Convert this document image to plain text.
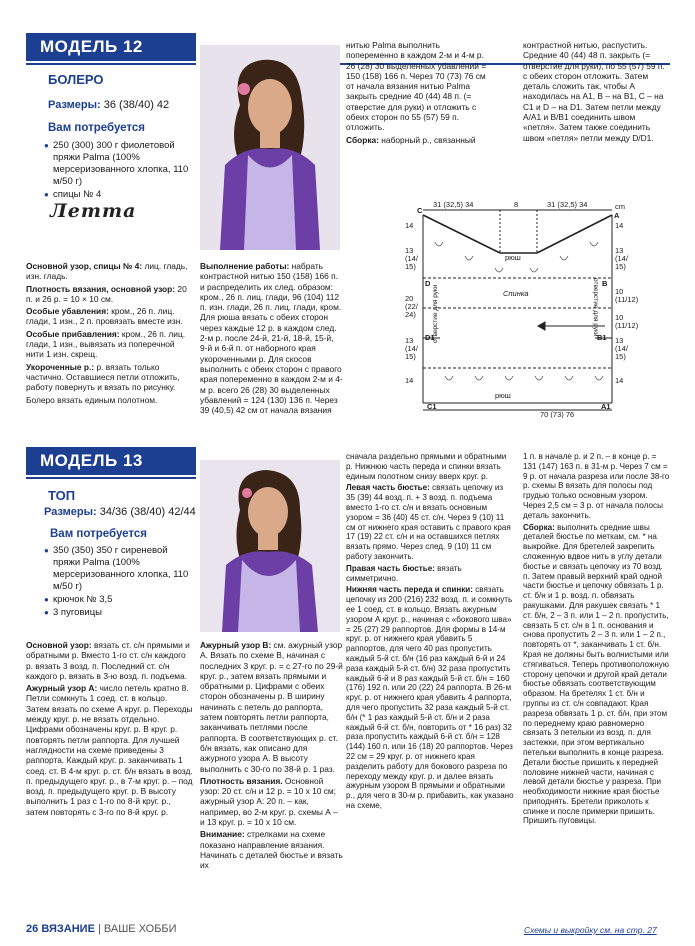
МОДЕЛЬ 12
БОЛЕРО
Размеры: 36 (38/40) 42
Вам потребуется
● 250 (300) 300 г фиолетовой пряжи Palma (100% мерсеризованного хлопка, 110 м/50 г)
● спицы № 4
Летта

Основной узор, спицы № 4: лиц. гладь, изн. гладь.

Плотность вязания, основной узор: 20 п. и 26 р. = 10 × 10 см.

Особые убавления: кром., 26 п. лиц. глади, 1 изн., 2 п. провязать вместе изн.

Особые прибавления: кром., 26 п. лиц. глади, 1 изн., вывязать из поперечной нити 1 изн. скрещ.

Укороченные р.: р. вязать только частично. Оставшиеся петли отложить, работу повернуть и вязать по рисунку.

Болеро вязать единым полотном.

Выполнение работы: набрать контрастной нитью 150 (158) 166 п. и распределить их след. образом: кром., 26 п. лиц. глади, 96 (104) 112 п. изн. глади, 26 п. лиц. глади, кром. Для рюша вязать с обеих сторон через каждые 12 р. в каждом след. 2-м р. после 24-й, 21-й, 18-й, 15-й, 9-й и 6-й п. от наборного края укороченными р. Для скосов выполнить с обеих сторон с правого края попеременно в каждом 2-м и 4-м р. всего 26 (28) 30 выделенных убавлений = 124 (130) 136 п. Через 39 (40,5) 42 см от начала вязания

нитью Palma выполнить попеременно в каждом 2-м и 4-м р. 26 (28) 30 выделенных убавлений = 150 (158) 166 п. Через 70 (73) 76 см от начала вязания нитью Palma закрыть средние 40 (44) 48 п. (= отверстие для руки) и отложить с обеих сторон по 55 (57) 59 п. отложить.

Сборка: наборный р., связанный

контрастной нитью, распустить. Средние 40 (44) 48 п. закрыть (= отверстие для руки), по 55 (57) 59 п. с обеих сторон отложить. Затем деталь сложить так, чтобы A находилась на A1, B – на B1, C – на C1 и D – на D1. Затем петли между A/A1 и B/B1 соединить швом «петля». Затем также соединить швом «петля» петли между D/D1.

31 (32,5) 34	8	31 (32,5) 34	cm
C
A
14
13
(14/
15)
D
20
(22/
24)
D1
13
(14/
15)
14
C1
14
13
(14/
15)
B
10
(11/12)
10
(11/12)
B1 13
(14/
15)
14
A1
рюш
Спинка
рюш
70 (73) 76
отверстие для руки	отверстие для руки
МОДЕЛЬ 13
ТОП
Размеры: 34/36 (38/40) 42/44
Вам потребуется
● 350 (350) 350 г сиреневой пряжи Palma (100% мерсеризованного хлопка, 110 м/50 г)
● крючок № 3,5
● 3 пуговицы

Основной узор: вязать ст. с/н прямыми и обратными р. Вместо 1-го ст. с/н каждого р. вязать 3 возд. п. Последний ст. с/н каждого р. вязать в 3-ю возд. п. подъема.

Ажурный узор А: число петель кратно 8. Петли сомкнуть 1 соед. ст. в кольцо. Затем вязать по схеме А круг. р. Переходы между круг. р. не вязать отдельно. Цифрами обозначены круг. р. В круг. р. повторять петли раппорта. Для лучшей наглядности на схеме приведены 3 раппорта. Каждый круг. р. заканчивать 1 соед. ст. В 4-м круг. р. ст. б/н вязать в возд. п. предыдущего круг. р., в 7-м круг. р. – под возд. п. предыдущего круг. р. В высоту выполнить 1 раз с 1-го по 8-й круг. р., затем повторять с 3-го по 8-й круг. р.

Ажурный узор В: см. ажурный узор А. Вязать по схеме В, начиная с последних 3 круг. р. = с 27-го по 29-й круг. р., затем вязать прямыми и обратными р. Цифрами с обеих сторон обозначены р. В ширину начинать с петель до раппорта, затем повторять петли раппорта, заканчивать петлями после раппорта. В соответствующих р. ст. б/н вязать, как описано для ажурного узора А. В высоту выполнить с 30-го по 38-й р. 1 раз.

Плотность вязания. Основной узор: 20 ст. с/н и 12 р. = 10 х 10 см; ажурный узор А: 20 п. – как, например, во 2-м круг. р. схемы А – и 13 круг. р. = 10 х 10 см.

Внимание: стрелками на схеме показано направление вязания. Начинать с деталей бюстье и вязать их

сначала раздельно прямыми и обратными р. Нижнюю часть переда и спинки вязать единым полотном снизу вверх круг. р.

Левая часть бюстье: связать цепочку из 35 (39) 44 возд. п. + 3 возд. п. подъема вместо 1-го ст. с/н и вязать основным узором = 36 (40) 45 ст. с/н. Через 9 (10) 11 см от нижнего края оставить с правого края 17 (19) 22 ст. с/н и на оставшихся петлях вязать прямо. Через след. 9 (10) 11 см работу закончить.

Правая часть бюстье: вязать симметрично.

Нижняя часть переда и спинки: связать цепочку из 200 (216) 232 возд. п. и сомкнуть ее 1 соед. ст. в кольцо. Вязать ажурным узором А круг. р., начиная с «бокового шва» = 25 (27) 29 раппортов. Для формы в 14-м круг. р. от нижнего края убавить 5 раппортов, для чего 40 раз пропустить каждый 5-й ст. б/н (16 раз каждый 6-й и 24 раза каждый 5-й ст. б/н) 32 раза пропустить каждый 6-й и 8 раз каждый 5-й ст. б/н = 160 (176) 192 п. или 20 (22) 24 раппорта. В 26-м круг. р. от нижнего края убавить 4 раппорта, для чего пропустить 32 раза каждый 5-й ст. б/н (* 1 раз каждый 5-й ст. б/н и 2 раза каждый 6-й ст. б/н, повторить от * 16 раз) 32 раза пропустить каждый 6-й ст. б/н = 128 (144) 160 п. или 16 (18) 20 раппортов. Через 22 см = 29 круг. р. от нижнего края разделить работу для бокового разреза по переходу между круг. р. и далее вязать ажурным узором В прямыми и обратными р., для чего в 30-м р. прибавить, как указано на схеме,

1 п. в начале р. и 2 п. – в конце р. = 131 (147) 163 п. в 31-м р. Через 7 см = 9 р. от начала разреза или после 38-го р. схемы В вязать для полосы под грудью только основным узором. Через 2,5 см = 3 р. от начала полосы деталь закончить.

Сборка: выполнить средние швы деталей бюстье по меткам, см. * на выкройке. Для бретелей закрепить сложенную вдвое нить в углу детали бюстье и связать цепочку из 70 возд. п. Затем правый верхний край одной части бюстье и цепочку обвязать 1 р. ст. б/н и 1 р. возд. п. обвязать ракушками. Для ракушек связать * 1 ст. б/н, 2 – 3 п. или 1 – 2 п. пропустить, связать 5 ст. с/н в 1 п. основания и снова пропустить 2 – 3 п. или 1 – 2 п., повторять от *, заканчивать 1 ст. б/н. Края не должны быть волнистыми или стягиваться. Теперь противоположную сторону цепочки и другой край детали бюстье обвязать соответствующим образом. На бретелях 1 ст. б/н и группы из ст. с/н совпадают. Края разреза обвязать 1 р. ст. б/н, при этом по переднему краю равномерно связать 3 петельки из возд. п. для застежки, при этом вертикально петельки выполнить в конце разреза. Детали бюстье пришить к передней половине нижней части, начиная с левой детали бюстье у разреза. При необходимости нижние края бюстье приподнять. Бретели приколоть к спинке и после примерки пришить. Пришить пуговицы.

26 ВЯЗАНИЕ | ВАШЕ ХОББИ	Схемы и выкройку см. на стр. 27
